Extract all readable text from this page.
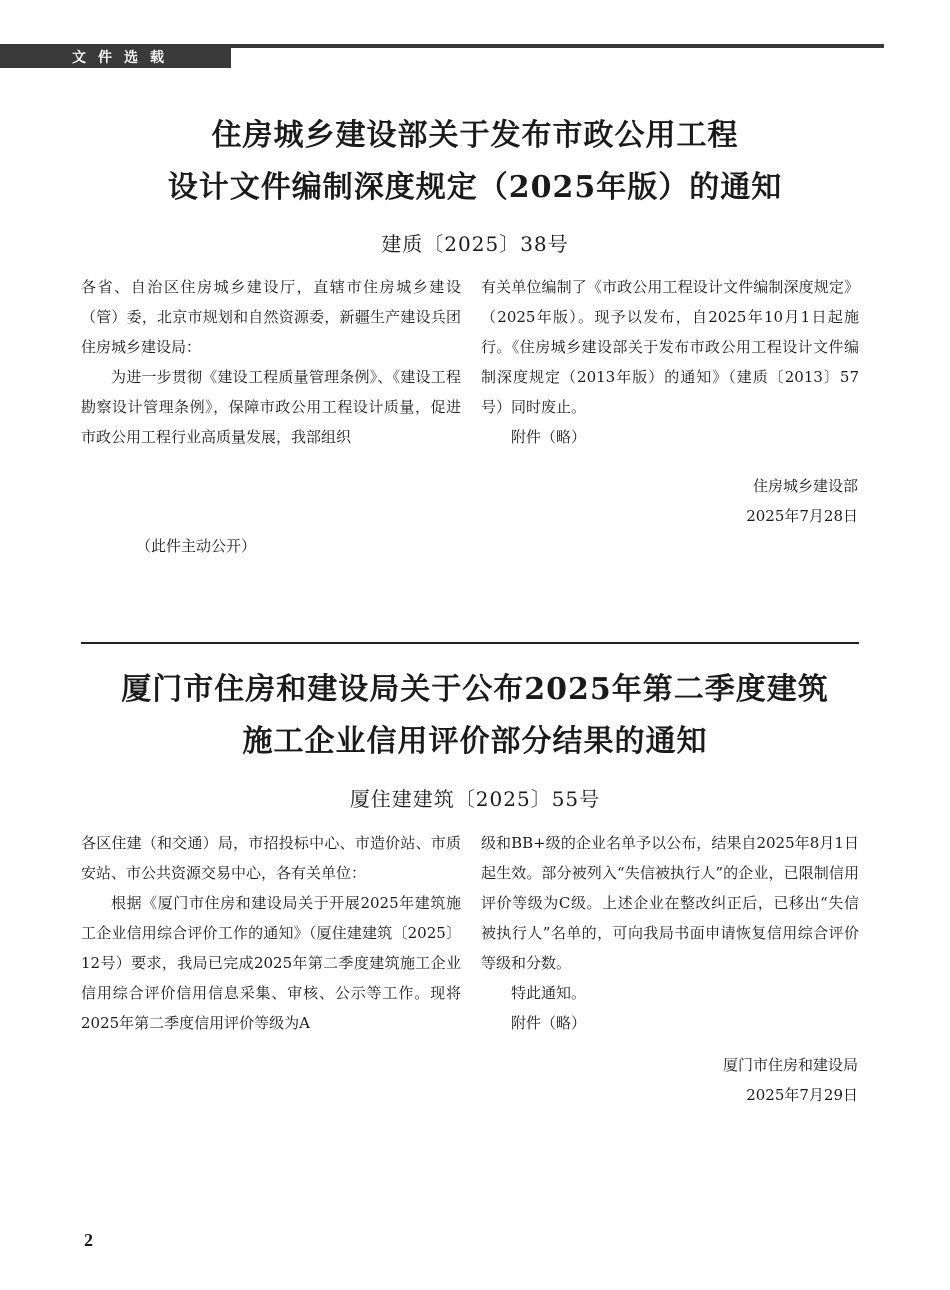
文件选载
住房城乡建设部关于发布市政公用工程
设计文件编制深度规定（2025年版）的通知
建质〔2025〕38号

各省、自治区住房城乡建设厅，直辖市住房城乡建设（管）委，北京市规划和自然资源委，新疆生产建设兵团住房城乡建设局：

为进一步贯彻《建设工程质量管理条例》、《建设工程勘察设计管理条例》，保障市政公用工程设计质量，促进市政公用工程行业高质量发展，我部组织

有关单位编制了《市政公用工程设计文件编制深度规定》（2025年版）。现予以发布，自2025年10月1日起施行。《住房城乡建设部关于发布市政公用工程设计文件编制深度规定（2013年版）的通知》（建质〔2013〕57号）同时废止。

附件（略）

住房城乡建设部
2025年7月28日
（此件主动公开）
厦门市住房和建设局关于公布2025年第二季度建筑
施工企业信用评价部分结果的通知
厦住建建筑〔2025〕55号

各区住建（和交通）局，市招投标中心、市造价站、市质安站、市公共资源交易中心，各有关单位：

根据《厦门市住房和建设局关于开展2025年建筑施工企业信用综合评价工作的通知》（厦住建建筑〔2025〕12号）要求，我局已完成2025年第二季度建筑施工企业信用综合评价信用信息采集、审核、公示等工作。现将2025年第二季度信用评价等级为A

级和BB+级的企业名单予以公布，结果自2025年8月1日起生效。部分被列入“失信被执行人”的企业，已限制信用评价等级为C级。上述企业在整改纠正后，已移出“失信被执行人”名单的，可向我局书面申请恢复信用综合评价等级和分数。

特此通知。

附件（略）

厦门市住房和建设局
2025年7月29日
2
